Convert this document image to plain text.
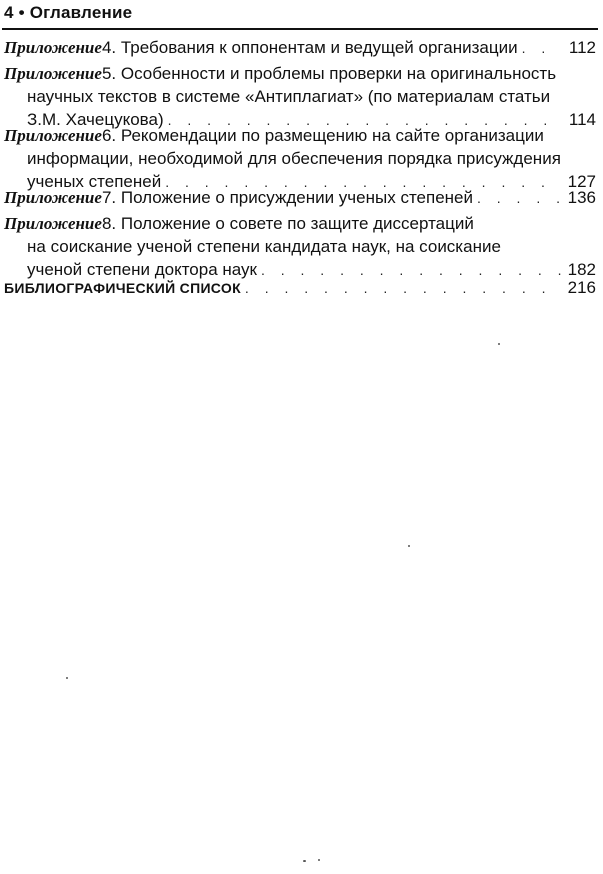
4 • Оглавление
Приложение 4.
Требования к оппонентам и ведущей организации . . .	112
Приложение 5.
Особенности и проблемы проверки на оригинальность
научных текстов в системе «Антиплагиат» (по материалам статьи
З.М. Хачецукова) . . .	114
Приложение 6.
Рекомендации по размещению на сайте организации
информации, необходимой для обеспечения порядка присуждения
ученых степеней . . .	127
Приложение 7.
Положение о присуждении ученых степеней . . .	136
Приложение 8.
Положение о совете по защите диссертаций
на соискание ученой степени кандидата наук, на соискание
ученой степени доктора наук . . .	182
БИБЛИОГРАФИЧЕСКИЙ СПИСОК . . .	216
